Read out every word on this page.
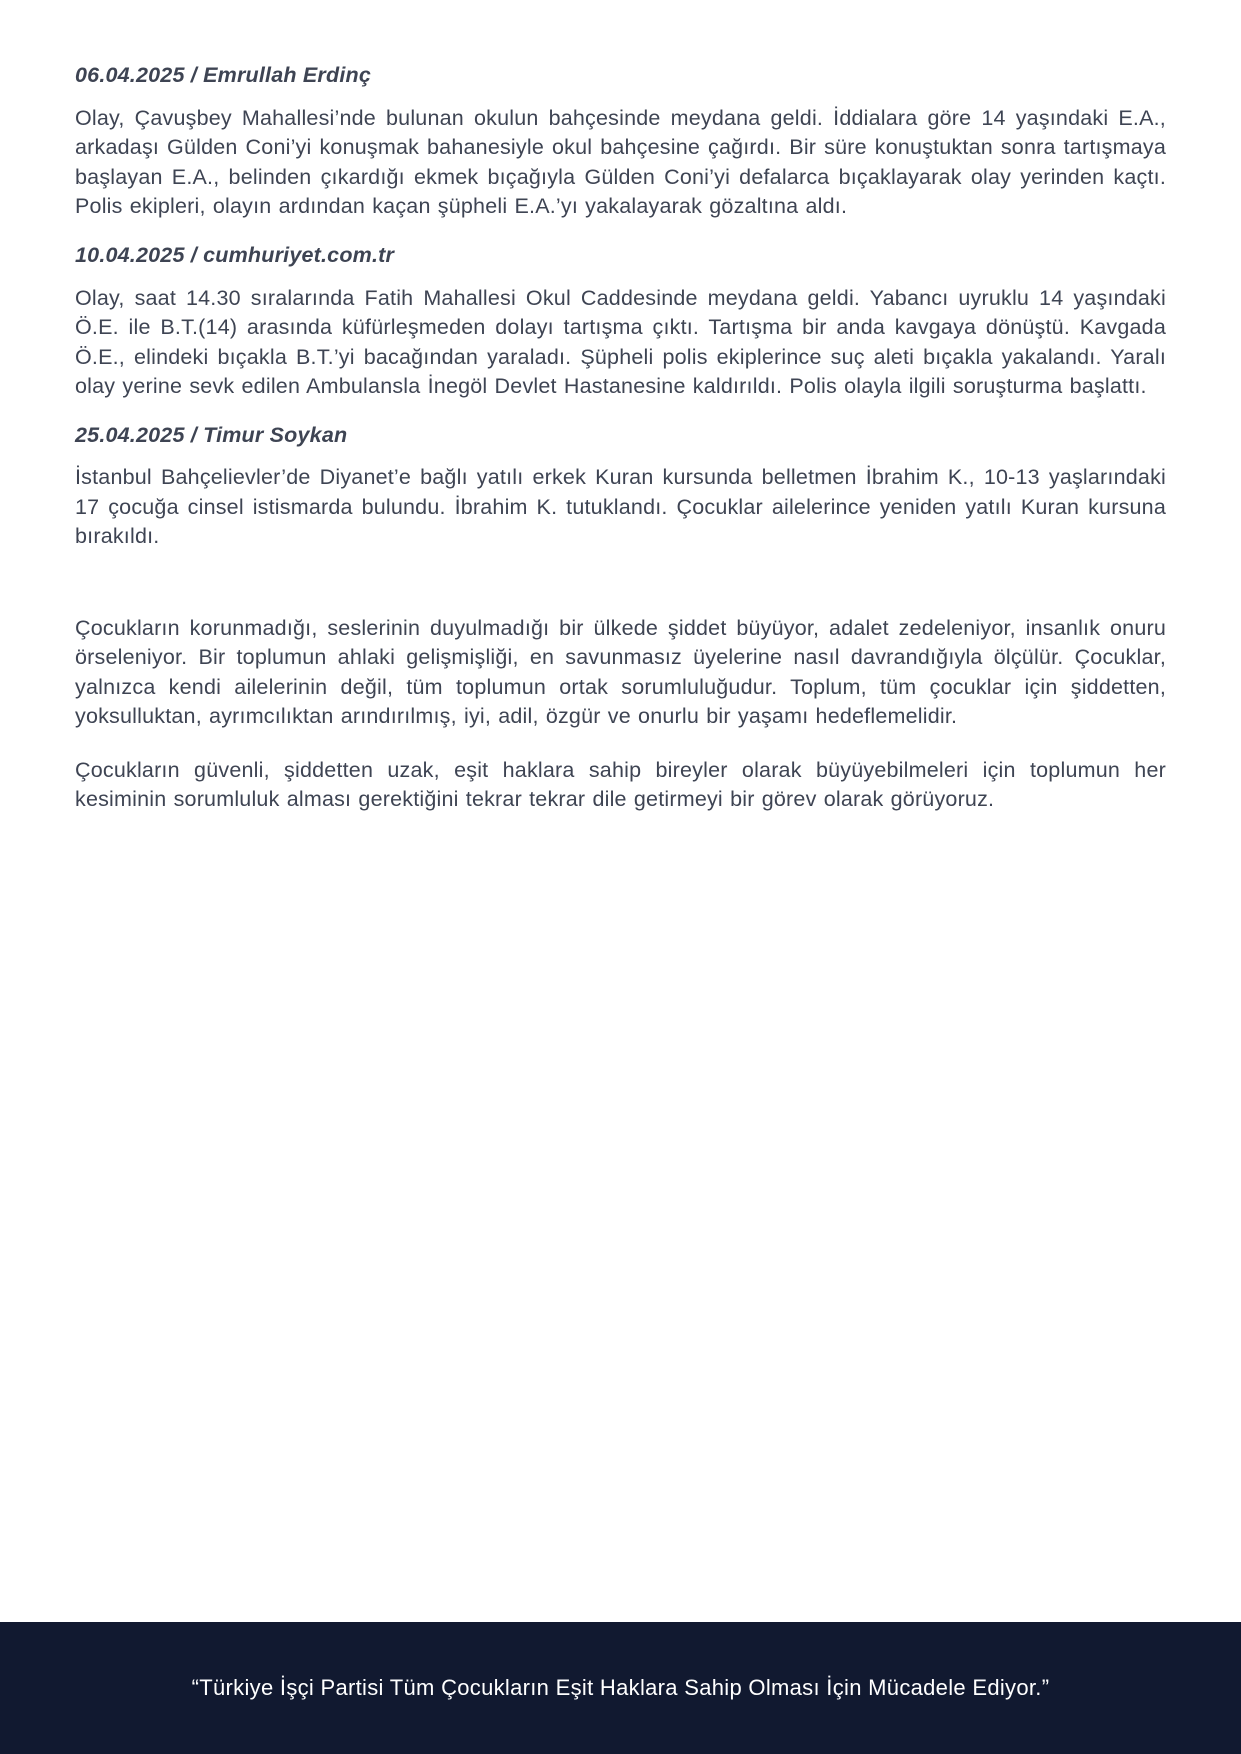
06.04.2025 / Emrullah Erdinç

Olay, Çavuşbey Mahallesi’nde bulunan okulun bahçesinde meydana geldi. İddialara göre 14 yaşındaki E.A., arkadaşı Gülden Coni’yi konuşmak bahanesiyle okul bahçesine çağırdı. Bir süre konuştuktan sonra tartışmaya başlayan E.A., belinden çıkardığı ekmek bıçağıyla Gülden Coni’yi defalarca bıçaklayarak olay yerinden kaçtı. Polis ekipleri, olayın ardından kaçan şüpheli E.A.’yı yakalayarak gözaltına aldı.

10.04.2025 / cumhuriyet.com.tr

Olay, saat 14.30 sıralarında Fatih Mahallesi Okul Caddesinde meydana geldi. Yabancı uyruklu 14 yaşındaki Ö.E. ile B.T.(14) arasında küfürleşmeden dolayı tartışma çıktı. Tartışma bir anda kavgaya dönüştü. Kavgada Ö.E., elindeki bıçakla B.T.’yi bacağından yaraladı. Şüpheli polis ekiplerince suç aleti bıçakla yakalandı. Yaralı olay yerine sevk edilen Ambulansla İnegöl Devlet Hastanesine kaldırıldı. Polis olayla ilgili soruşturma başlattı.

25.04.2025 / Timur Soykan

İstanbul Bahçelievler’de Diyanet’e bağlı yatılı erkek Kuran kursunda belletmen İbrahim K., 10-13 yaşlarındaki 17 çocuğa cinsel istismarda bulundu. İbrahim K. tutuklandı. Çocuklar ailelerince yeniden yatılı Kuran kursuna bırakıldı.

Çocukların korunmadığı, seslerinin duyulmadığı bir ülkede şiddet büyüyor, adalet zedeleniyor, insanlık onuru örseleniyor. Bir toplumun ahlaki gelişmişliği, en savunmasız üyelerine nasıl davrandığıyla ölçülür. Çocuklar, yalnızca kendi ailelerinin değil, tüm toplumun ortak sorumluluğudur. Toplum, tüm çocuklar için şiddetten, yoksulluktan, ayrımcılıktan arındırılmış, iyi, adil, özgür ve onurlu bir yaşamı hedeflemelidir.

Çocukların güvenli, şiddetten uzak, eşit haklara sahip bireyler olarak büyüyebilmeleri için toplumun her kesiminin sorumluluk alması gerektiğini tekrar tekrar dile getirmeyi bir görev olarak görüyoruz.

“Türkiye İşçi Partisi Tüm Çocukların Eşit Haklara Sahip Olması İçin Mücadele Ediyor.”
